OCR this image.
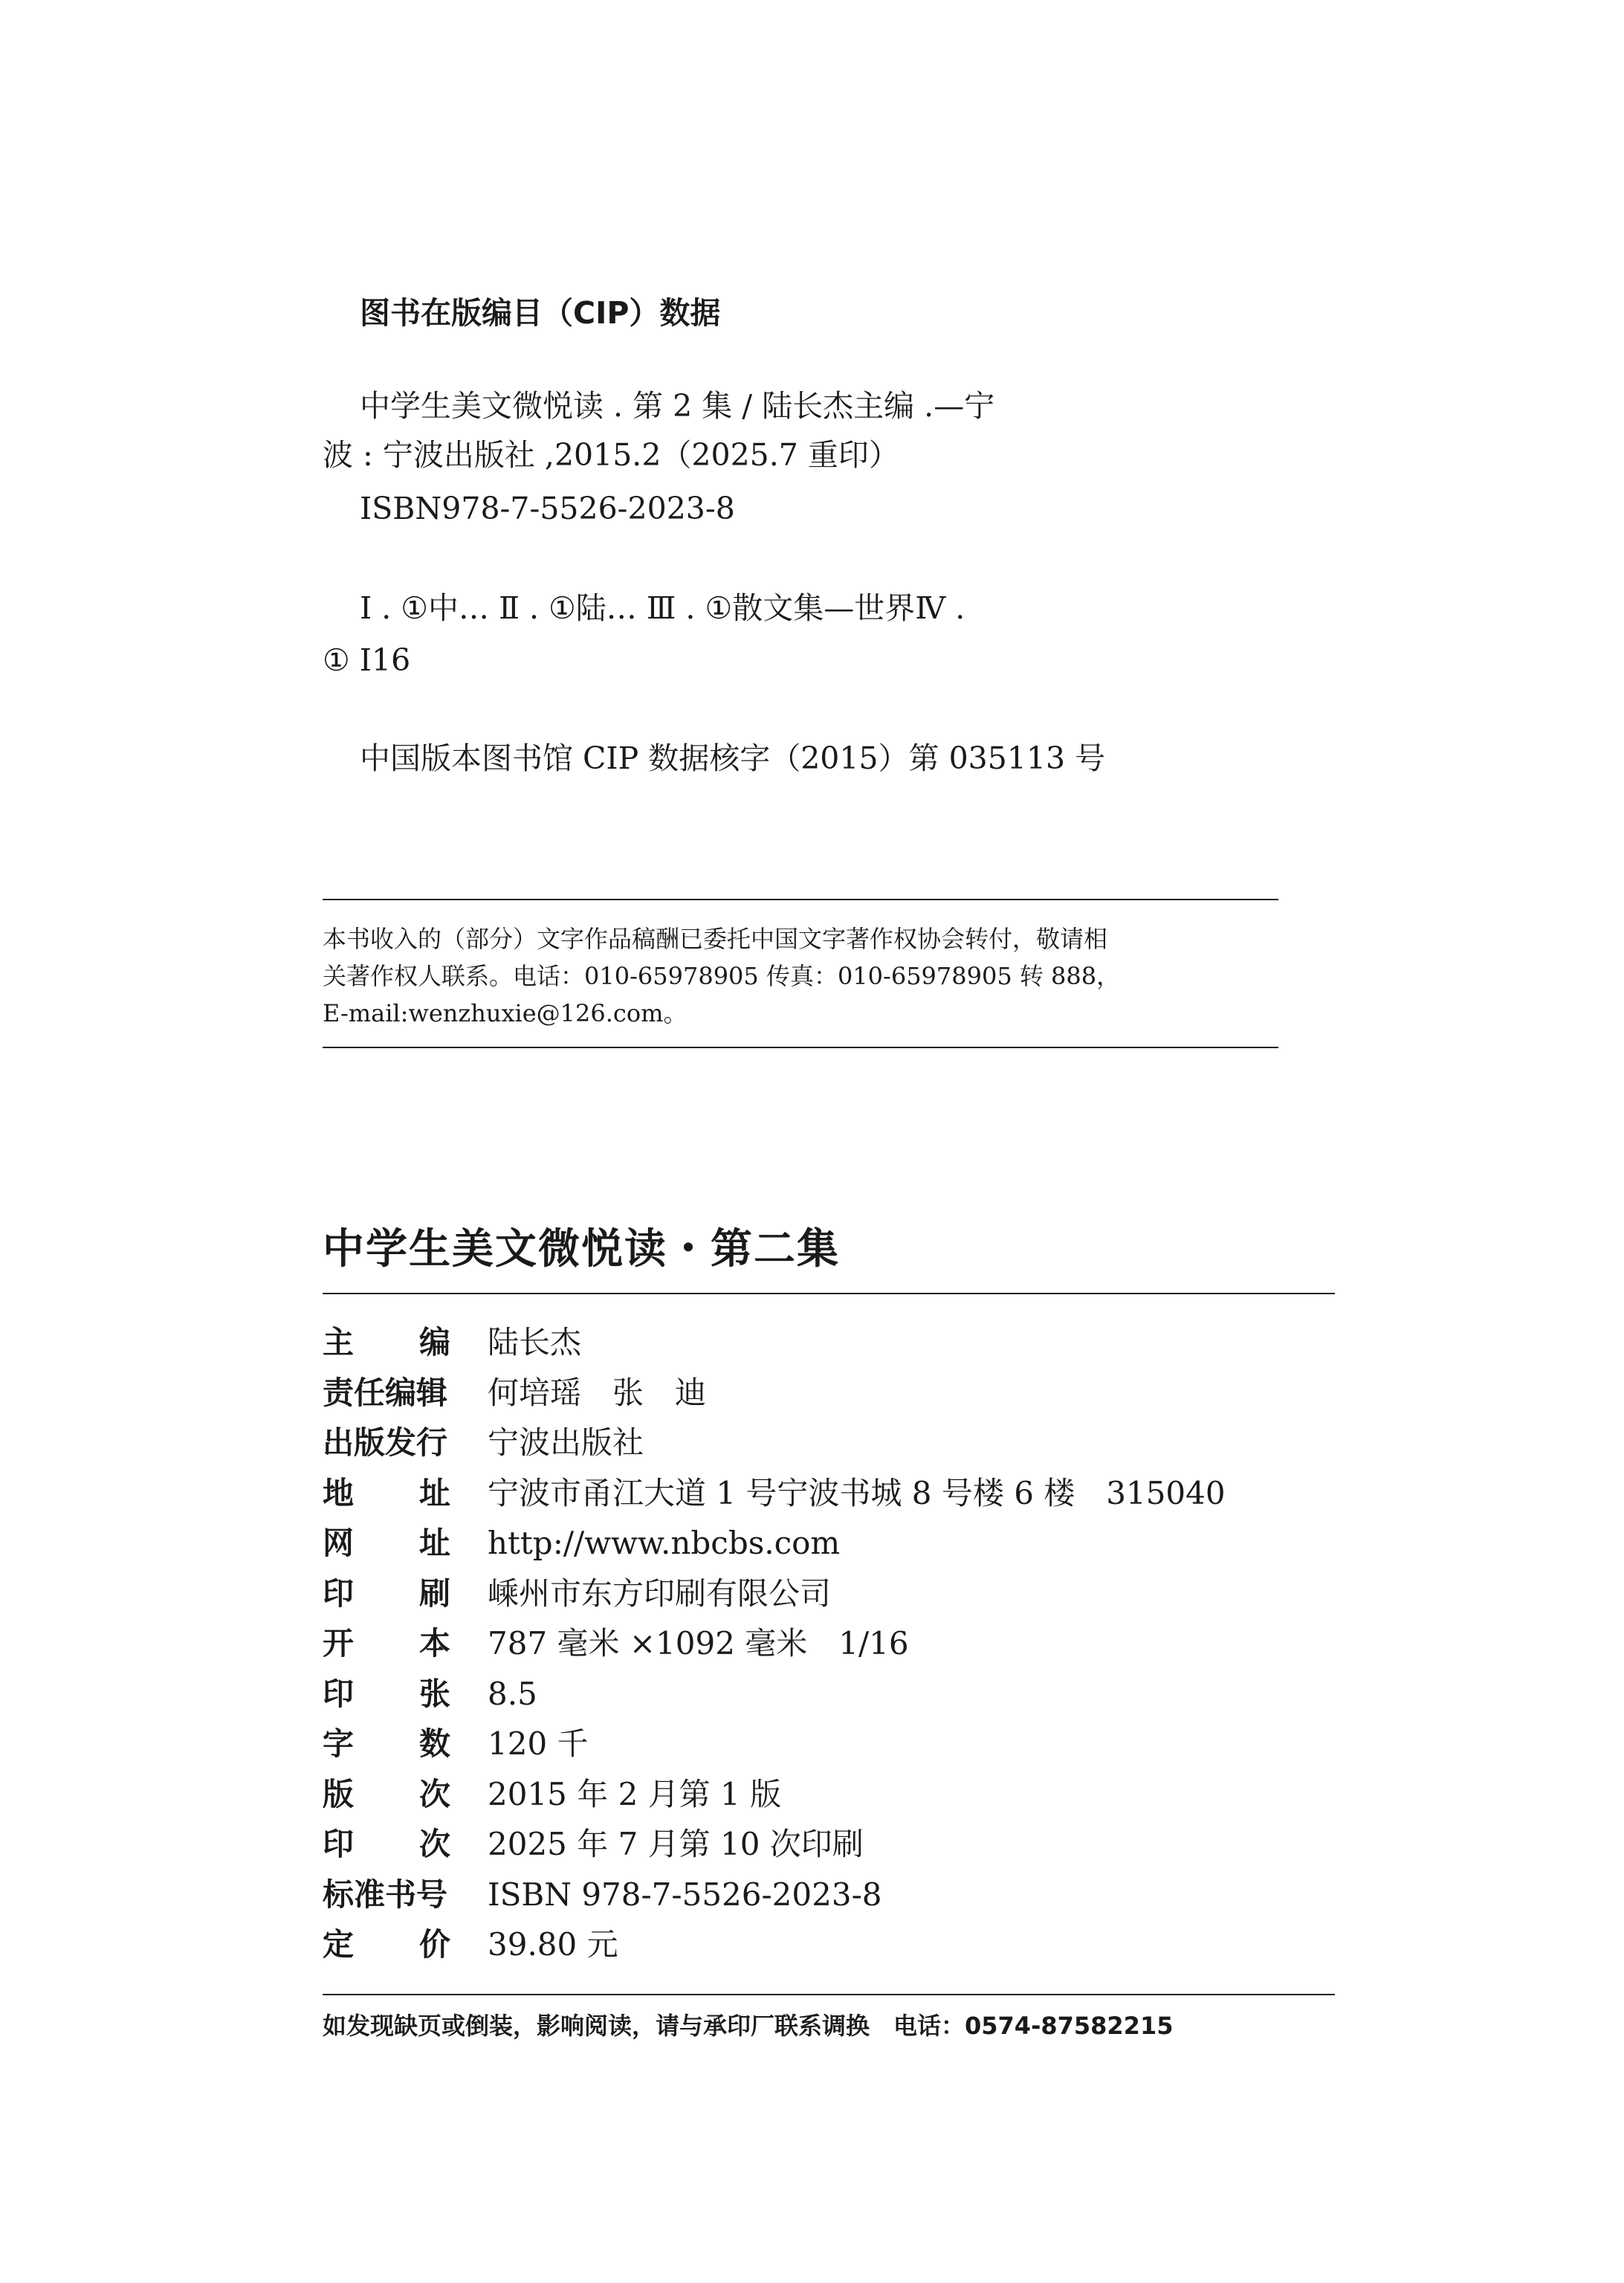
图书在版编目（CIP）数据
中学生美文微悦读 . 第 2 集 / 陆长杰主编 .—宁
波 : 宁波出版社 ,2015.2（2025.7 重印）
ISBN978-7-5526-2023-8
Ⅰ . ①中… Ⅱ . ①陆… Ⅲ . ①散文集—世界Ⅳ .
① I16
中国版本图书馆 CIP 数据核字（2015）第 035113 号
本书收入的（部分）文字作品稿酬已委托中国文字著作权协会转付，敬请相
关著作权人联系。电话：010-65978905 传真：010-65978905 转 888，
E-mail:wenzhuxie@126.com。
中学生美文微悦读・第二集
主 编 陆长杰
责任编辑 何培瑶　张　迪
出版发行 宁波出版社
地 址 宁波市甬江大道 1 号宁波书城 8 号楼 6 楼　315040
网 址 http://www.nbcbs.com
印 刷 嵊州市东方印刷有限公司
开 本 787 毫米 ×1092 毫米　1/16
印 张 8.5
字 数 120 千
版 次 2015 年 2 月第 1 版
印 次 2025 年 7 月第 10 次印刷
标准书号 ISBN 978-7-5526-2023-8
定 价 39.80 元
如发现缺页或倒装，影响阅读，请与承印厂联系调换　电话：0574-87582215
